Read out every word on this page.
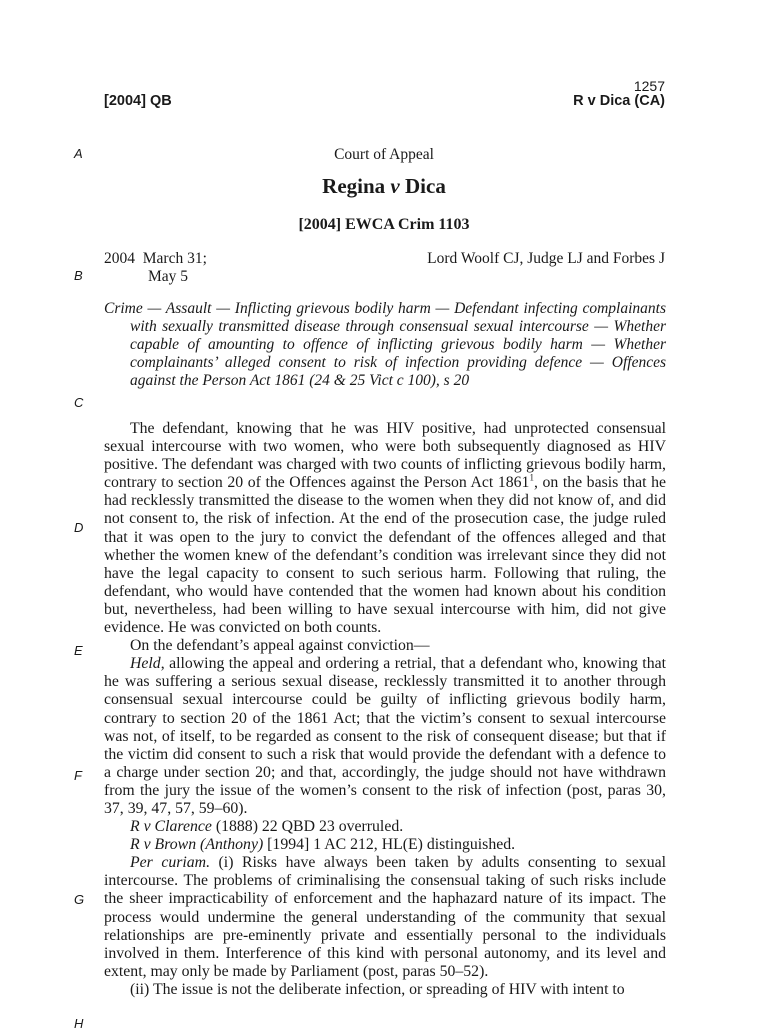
1257
[2004] QB	R v Dica (CA)
A
B
C
D
E
F
G
H
Court of Appeal
Regina v Dica
[2004] EWCA Crim 1103
2004 March 31;
May 5
Lord Woolf CJ, Judge LJ and Forbes J
Crime — Assault — Inflicting grievous bodily harm — Defendant infecting complainants with sexually transmitted disease through consensual sexual intercourse — Whether capable of amounting to offence of inflicting grievous bodily harm — Whether complainants’ alleged consent to risk of infection providing defence — Offences against the Person Act 1861 (24 & 25 Vict c 100), s 20

The defendant, knowing that he was HIV positive, had unprotected consensual sexual intercourse with two women, who were both subsequently diagnosed as HIV positive. The defendant was charged with two counts of inflicting grievous bodily harm, contrary to section 20 of the Offences against the Person Act 1861$^1$, on the basis that he had recklessly transmitted the disease to the women when they did not know of, and did not consent to, the risk of infection. At the end of the prosecution case, the judge ruled that it was open to the jury to convict the defendant of the offences alleged and that whether the women knew of the defendant’s condition was irrelevant since they did not have the legal capacity to consent to such serious harm. Following that ruling, the defendant, who would have contended that the women had known about his condition but, nevertheless, had been willing to have sexual intercourse with him, did not give evidence. He was convicted on both counts.

On the defendant’s appeal against conviction—

Held, allowing the appeal and ordering a retrial, that a defendant who, knowing that he was suffering a serious sexual disease, recklessly transmitted it to another through consensual sexual intercourse could be guilty of inflicting grievous bodily harm, contrary to section 20 of the 1861 Act; that the victim’s consent to sexual intercourse was not, of itself, to be regarded as consent to the risk of consequent disease; but that if the victim did consent to such a risk that would provide the defendant with a defence to a charge under section 20; and that, accordingly, the judge should not have withdrawn from the jury the issue of the women’s consent to the risk of infection (post, paras 30, 37, 39, 47, 57, 59–60).

R v Clarence (1888) 22 QBD 23 overruled.

R v Brown (Anthony) [1994] 1 AC 212, HL(E) distinguished.

Per curiam. (i) Risks have always been taken by adults consenting to sexual intercourse. The problems of criminalising the consensual taking of such risks include the sheer impracticability of enforcement and the haphazard nature of its impact. The process would undermine the general understanding of the community that sexual relationships are pre-eminently private and essentially personal to the individuals involved in them. Interference of this kind with personal autonomy, and its level and extent, may only be made by Parliament (post, paras 50–52).

(ii) The issue is not the deliberate infection, or spreading of HIV with intent to
